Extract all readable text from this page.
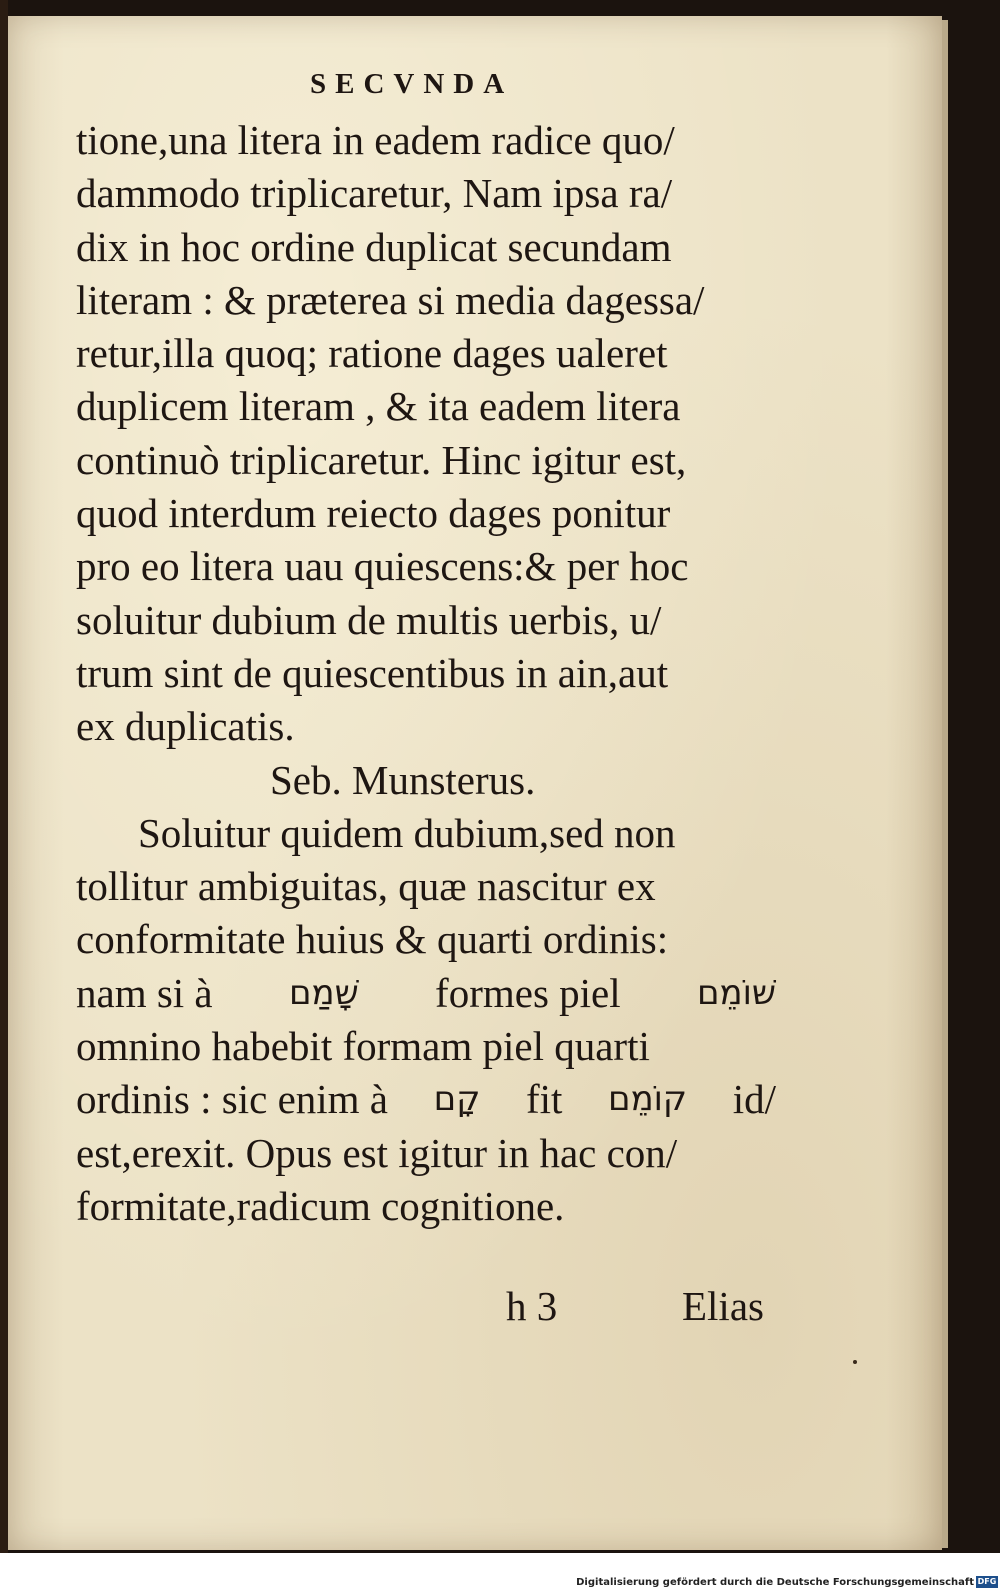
SECVNDA
tione,una litera in eadem radice quo/
dammodo triplicaretur, Nam ipsa ra/
dix in hoc ordine duplicat secundam
literam : & præterea si media dagessa/
retur,illa quoq; ratione dages ualeret
duplicem literam , & ita eadem litera
continuò triplicaretur. Hinc igitur est,
quod interdum reiecto dages ponitur
pro eo litera uau quiescens:& per hoc
soluitur dubium de multis uerbis, u/
trum sint de quiescentibus in ain,aut
ex duplicatis.
Seb. Munsterus.
Soluitur quidem dubium,sed non
tollitur ambiguitas, quæ nascitur ex
conformitate huius & quarti ordinis:
nam si à שָׁמַם formes piel שׁוֹמֵם
omnino habebit formam piel quarti
ordinis : sic enim à קָם fit קוֹמֵם id/
est,erexit. Opus est igitur in hac con/
formitate,radicum cognitione.
h 3	Elias
Digitalisierung gefördert durch die Deutsche Forschungsgemeinschaft DFG
